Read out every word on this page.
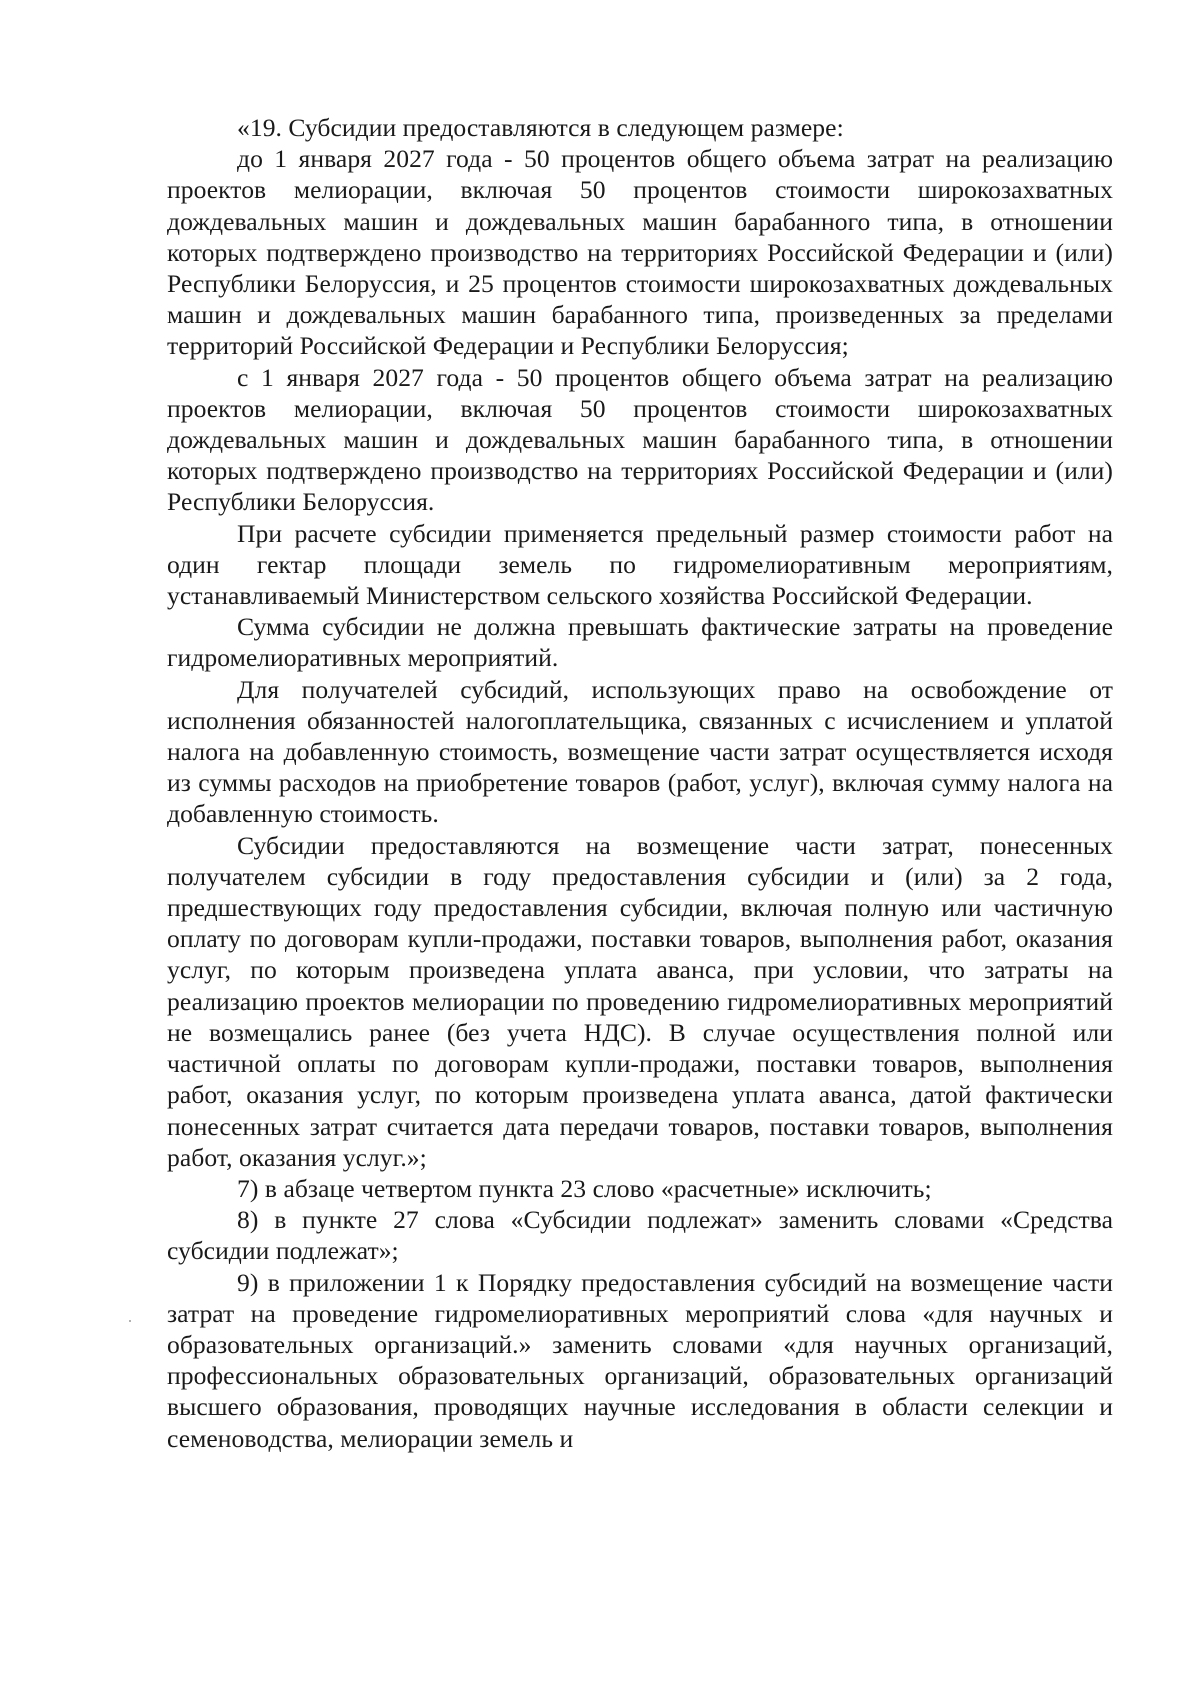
«19. Субсидии предоставляются в следующем размере:

до 1 января 2027 года - 50 процентов общего объема затрат на реализацию проектов мелиорации, включая 50 процентов стоимости широкозахватных дождевальных машин и дождевальных машин барабанного типа, в отношении которых подтверждено производство на территориях Российской Федерации и (или) Республики Белоруссия, и 25 процентов стоимости широкозахватных дождевальных машин и дождевальных машин барабанного типа, произведенных за пределами территорий Российской Федерации и Республики Белоруссия;

с 1 января 2027 года - 50 процентов общего объема затрат на реализацию проектов мелиорации, включая 50 процентов стоимости широкозахватных дождевальных машин и дождевальных машин барабанного типа, в отношении которых подтверждено производство на территориях Российской Федерации и (или) Республики Белоруссия.

При расчете субсидии применяется предельный размер стоимости работ на один гектар площади земель по гидромелиоративным мероприятиям, устанавливаемый Министерством сельского хозяйства Российской Федерации.

Сумма субсидии не должна превышать фактические затраты на проведение гидромелиоративных мероприятий.

Для получателей субсидий, использующих право на освобождение от исполнения обязанностей налогоплательщика, связанных с исчислением и уплатой налога на добавленную стоимость, возмещение части затрат осуществляется исходя из суммы расходов на приобретение товаров (работ, услуг), включая сумму налога на добавленную стоимость.

Субсидии предоставляются на возмещение части затрат, понесенных получателем субсидии в году предоставления субсидии и (или) за 2 года, предшествующих году предоставления субсидии, включая полную или частичную оплату по договорам купли-продажи, поставки товаров, выполнения работ, оказания услуг, по которым произведена уплата аванса, при условии, что затраты на реализацию проектов мелиорации по проведению гидромелиоративных мероприятий не возмещались ранее (без учета НДС). В случае осуществления полной или частичной оплаты по договорам купли-продажи, поставки товаров, выполнения работ, оказания услуг, по которым произведена уплата аванса, датой фактически понесенных затрат считается дата передачи товаров, поставки товаров, выполнения работ, оказания услуг.»;

7) в абзаце четвертом пункта 23 слово «расчетные» исключить;

8) в пункте 27 слова «Субсидии подлежат» заменить словами «Средства субсидии подлежат»;

9) в приложении 1 к Порядку предоставления субсидий на возмещение части затрат на проведение гидромелиоративных мероприятий слова «для научных и образовательных организаций.» заменить словами «для научных организаций, профессиональных образовательных организаций, образовательных организаций высшего образования, проводящих научные исследования в области селекции и семеноводства, мелиорации земель и
